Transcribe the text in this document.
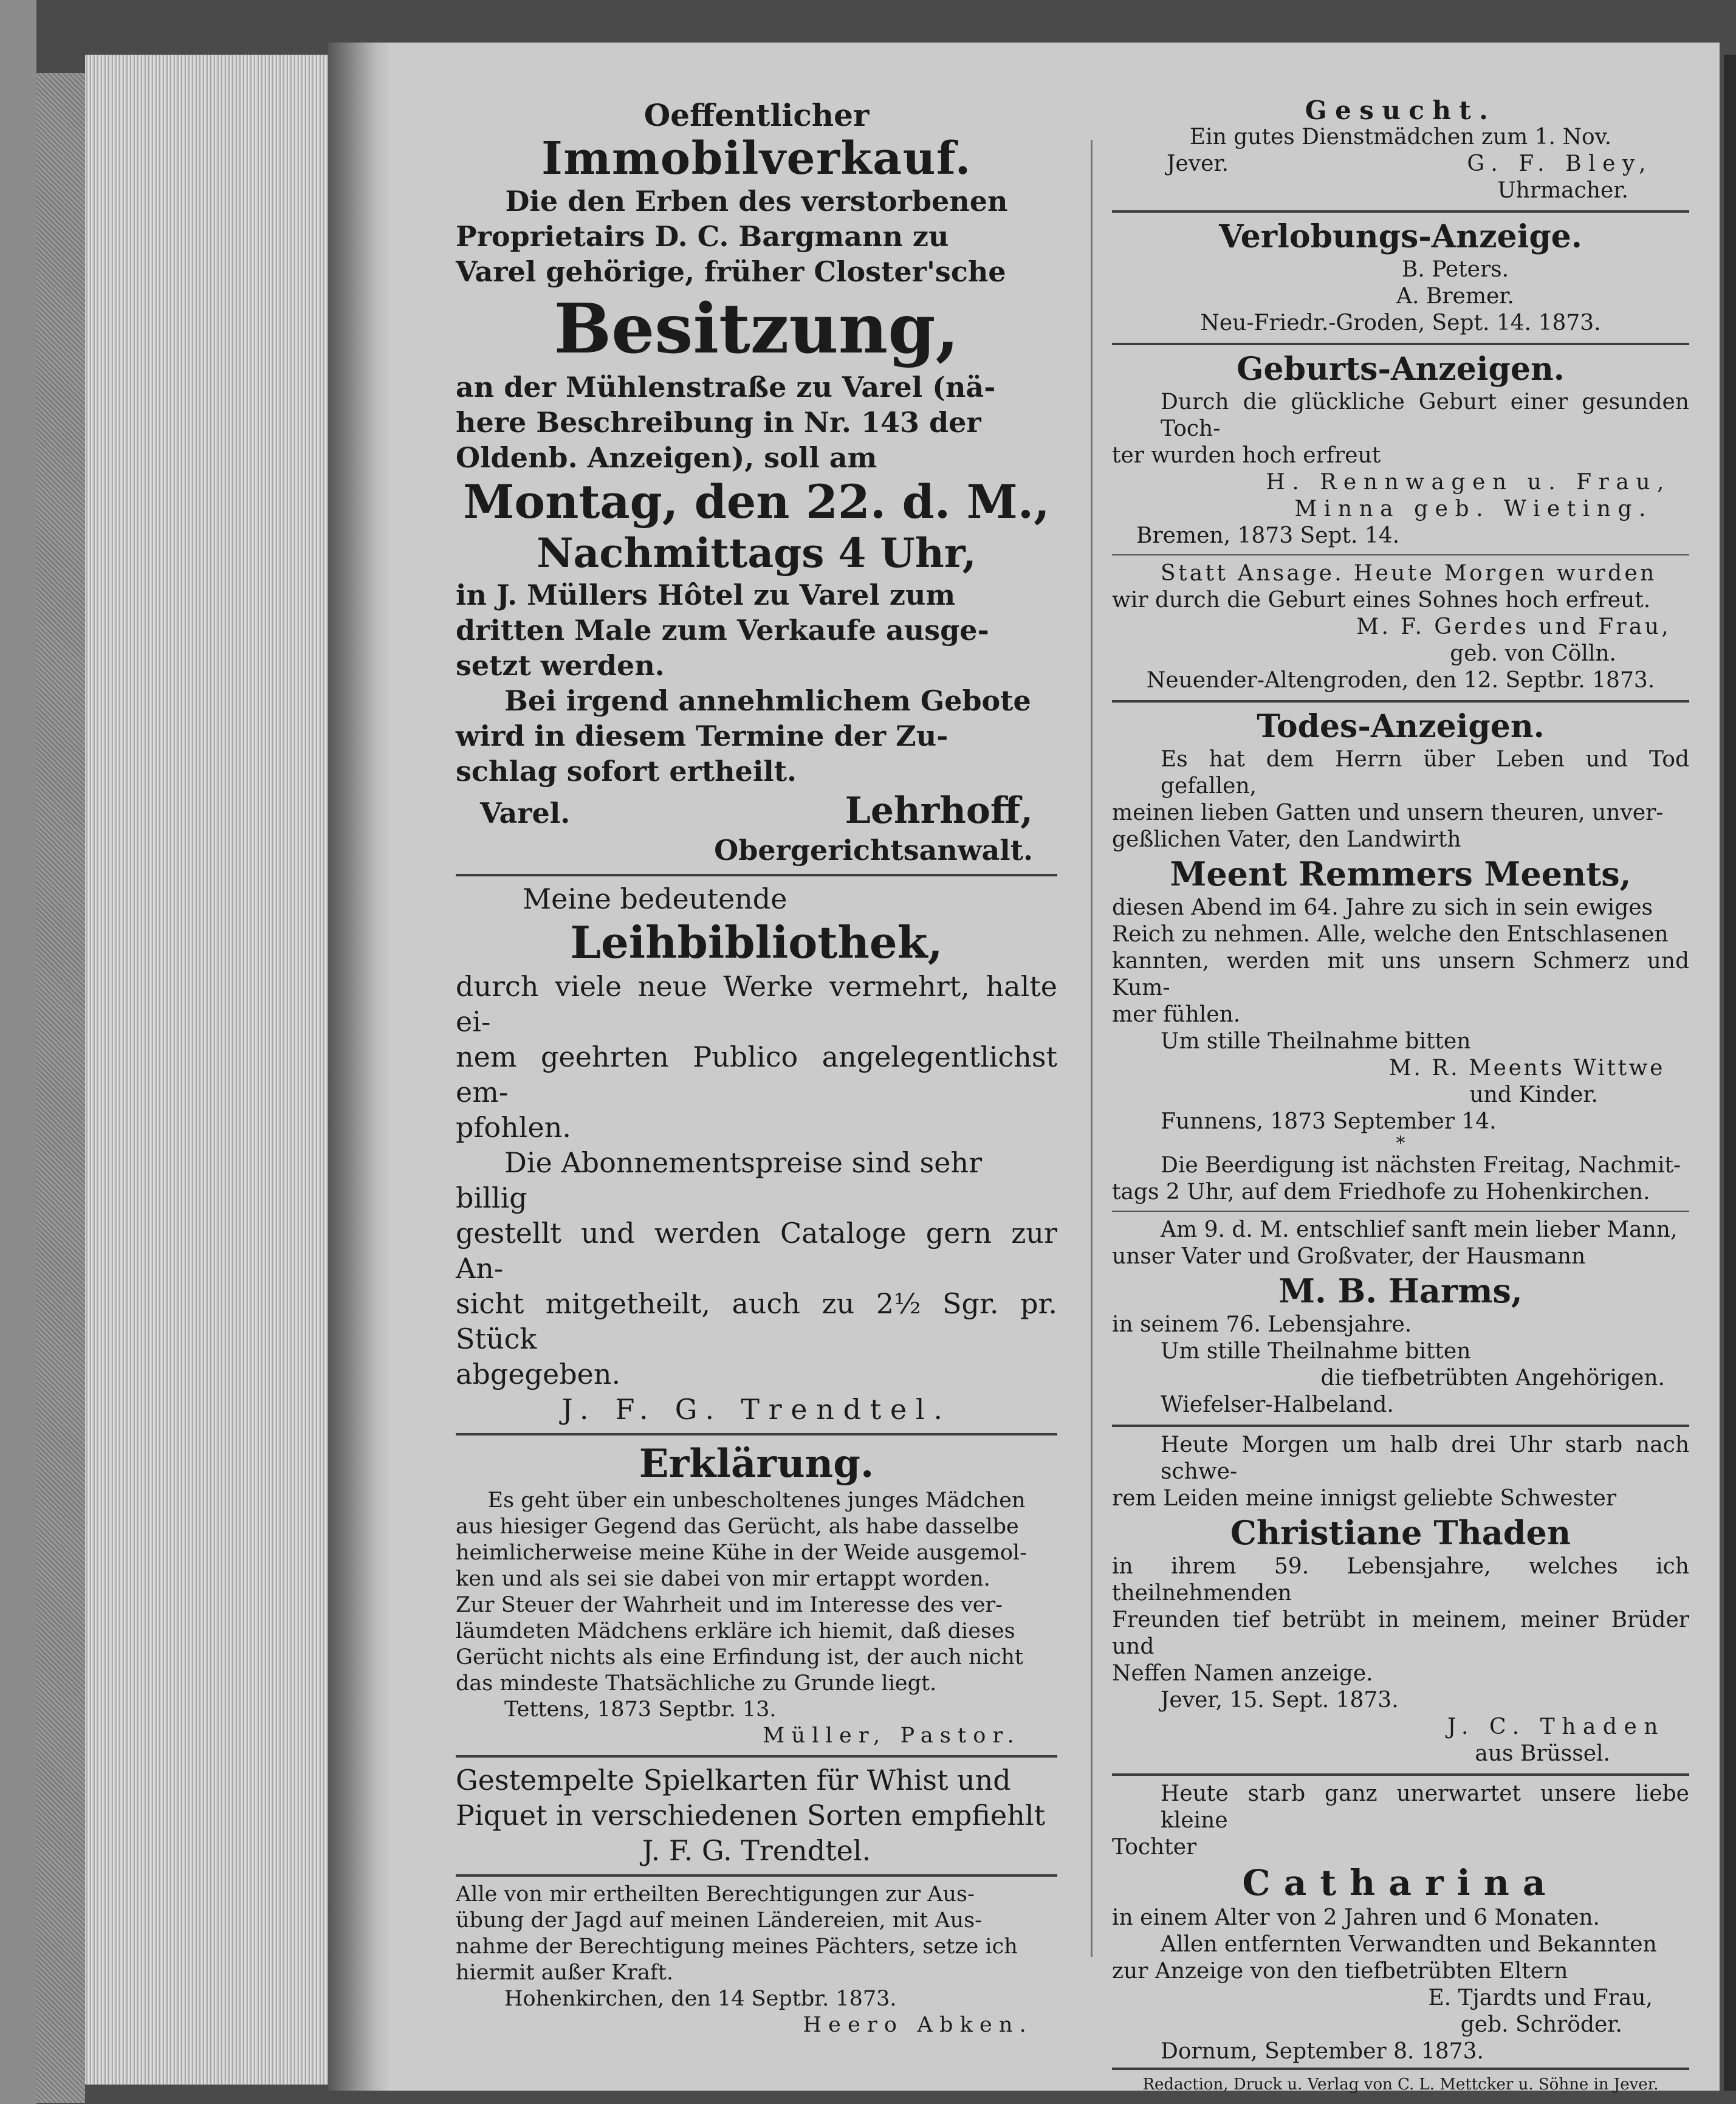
Oeffentlicher
Immobilverkauf.
Die den Erben des verstorbenen
Proprietairs D. C. Bargmann zu
Varel gehörige, früher Closter'sche
Besitzung,
an der Mühlenstraße zu Varel (nä-
here Beschreibung in Nr. 143 der
Oldenb. Anzeigen), soll am
Montag, den 22. d. M.,
Nachmittags 4 Uhr,
in J. Müllers Hôtel zu Varel zum
dritten Male zum Verkaufe ausge-
setzt werden.
Bei irgend annehmlichem Gebote
wird in diesem Termine der Zu-
schlag sofort ertheilt.
Varel.	Lehrhoff,
Obergerichtsanwalt.
Meine bedeutende
Leihbibliothek,
durch viele neue Werke vermehrt, halte ei-
nem geehrten Publico angelegentlichst em-
pfohlen.
Die Abonnementspreise sind sehr billig
gestellt und werden Cataloge gern zur An-
sicht mitgetheilt, auch zu 2½ Sgr. pr. Stück
abgegeben.
J. F. G. Trendtel.
Erklärung.
Es geht über ein unbescholtenes junges Mädchen
aus hiesiger Gegend das Gerücht, als habe dasselbe
heimlicherweise meine Kühe in der Weide ausgemol-
ken und als sei sie dabei von mir ertappt worden.
Zur Steuer der Wahrheit und im Interesse des ver-
läumdeten Mädchens erkläre ich hiemit, daß dieses
Gerücht nichts als eine Erfindung ist, der auch nicht
das mindeste Thatsächliche zu Grunde liegt.
Tettens, 1873 Septbr. 13.
Müller, Pastor.
Gestempelte Spielkarten für Whist und
Piquet in verschiedenen Sorten empfiehlt
J. F. G. Trendtel.
Alle von mir ertheilten Berechtigungen zur Aus-
übung der Jagd auf meinen Ländereien, mit Aus-
nahme der Berechtigung meines Pächters, setze ich
hiermit außer Kraft.
Hohenkirchen, den 14 Septbr. 1873.
Heero Abken.
Gesucht.
Ein gutes Dienstmädchen zum 1. Nov.
Jever.	G. F. Bley,
Uhrmacher.
Verlobungs-Anzeige.
B. Peters.
A. Bremer.
Neu-Friedr.-Groden, Sept. 14. 1873.
Geburts-Anzeigen.
Durch die glückliche Geburt einer gesunden Toch-
ter wurden hoch erfreut
H. Rennwagen u. Frau,
Minna geb. Wieting.
Bremen, 1873 Sept. 14.
Statt Ansage. Heute Morgen wurden
wir durch die Geburt eines Sohnes hoch erfreut.
M. F. Gerdes und Frau,
geb. von Cölln.
Neuender-Altengroden, den 12. Septbr. 1873.
Todes-Anzeigen.
Es hat dem Herrn über Leben und Tod gefallen,
meinen lieben Gatten und unsern theuren, unver-
geßlichen Vater, den Landwirth
Meent Remmers Meents,
diesen Abend im 64. Jahre zu sich in sein ewiges
Reich zu nehmen. Alle, welche den Entschlasenen
kannten, werden mit uns unsern Schmerz und Kum-
mer fühlen.
Um stille Theilnahme bitten
M. R. Meents Wittwe
und Kinder.
Funnens, 1873 September 14.
*
Die Beerdigung ist nächsten Freitag, Nachmit-
tags 2 Uhr, auf dem Friedhofe zu Hohenkirchen.
Am 9. d. M. entschlief sanft mein lieber Mann,
unser Vater und Großvater, der Hausmann
M. B. Harms,
in seinem 76. Lebensjahre.
Um stille Theilnahme bitten
die tiefbetrübten Angehörigen.
Wiefelser-Halbeland.
Heute Morgen um halb drei Uhr starb nach schwe-
rem Leiden meine innigst geliebte Schwester
Christiane Thaden
in ihrem 59. Lebensjahre, welches ich theilnehmenden
Freunden tief betrübt in meinem, meiner Brüder und
Neffen Namen anzeige.
Jever, 15. Sept. 1873.
J. C. Thaden
aus Brüssel.
Heute starb ganz unerwartet unsere liebe kleine
Tochter
Catharina
in einem Alter von 2 Jahren und 6 Monaten.
Allen entfernten Verwandten und Bekannten
zur Anzeige von den tiefbetrübten Eltern
E. Tjardts und Frau,
geb. Schröder.
Dornum, September 8. 1873.
Redaction, Druck u. Verlag von C. L. Mettcker u. Söhne in Jever.
